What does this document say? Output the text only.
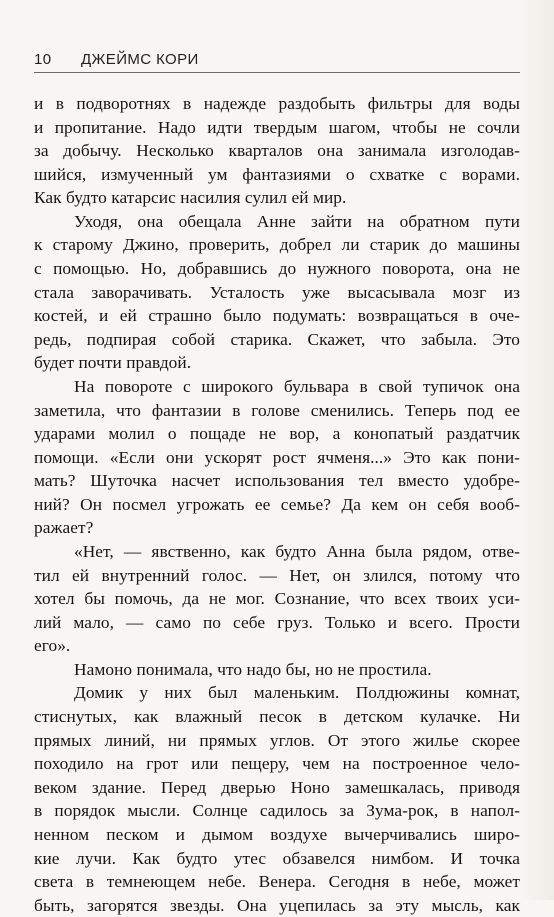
10 ДЖЕЙМС КОРИ
и в подворотнях в надежде раздобыть фильтры для воды
и пропитание. Надо идти твердым шагом, чтобы не сочли
за добычу. Несколько кварталов она занимала изголодав-
шийся, измученный ум фантазиями о схватке с ворами.
Как будто катарсис насилия сулил ей мир.
Уходя, она обещала Анне зайти на обратном пути
к старому Джино, проверить, добрел ли старик до машины
с помощью. Но, добравшись до нужного поворота, она не
стала заворачивать. Усталость уже высасывала мозг из
костей, и ей страшно было подумать: возвращаться в оче-
редь, подпирая собой старика. Скажет, что забыла. Это
будет почти правдой.
На повороте с широкого бульвара в свой тупичок она
заметила, что фантазии в голове сменились. Теперь под ее
ударами молил о пощаде не вор, а конопатый раздатчик
помощи. «Если они ускорят рост ячменя...» Это как пони-
мать? Шуточка насчет использования тел вместо удобре-
ний? Он посмел угрожать ее семье? Да кем он себя вооб-
ражает?
«Нет, — явственно, как будто Анна была рядом, отве-
тил ей внутренний голос. — Нет, он злился, потому что
хотел бы помочь, да не мог. Сознание, что всех твоих уси-
лий мало, — само по себе груз. Только и всего. Прости
его».
Намоно понимала, что надо бы, но не простила.
Домик у них был маленьким. Полдюжины комнат,
стиснутых, как влажный песок в детском кулачке. Ни
прямых линий, ни прямых углов. От этого жилье скорее
походило на грот или пещеру, чем на построенное чело-
веком здание. Перед дверью Ноно замешкалась, приводя
в порядок мысли. Солнце садилось за Зума-рок, в напол-
ненном песком и дымом воздухе вычерчивались широ-
кие лучи. Как будто утес обзавелся нимбом. И точка
света в темнеющем небе. Венера. Сегодня в небе, может
быть, загорятся звезды. Она уцепилась за эту мысль, как
